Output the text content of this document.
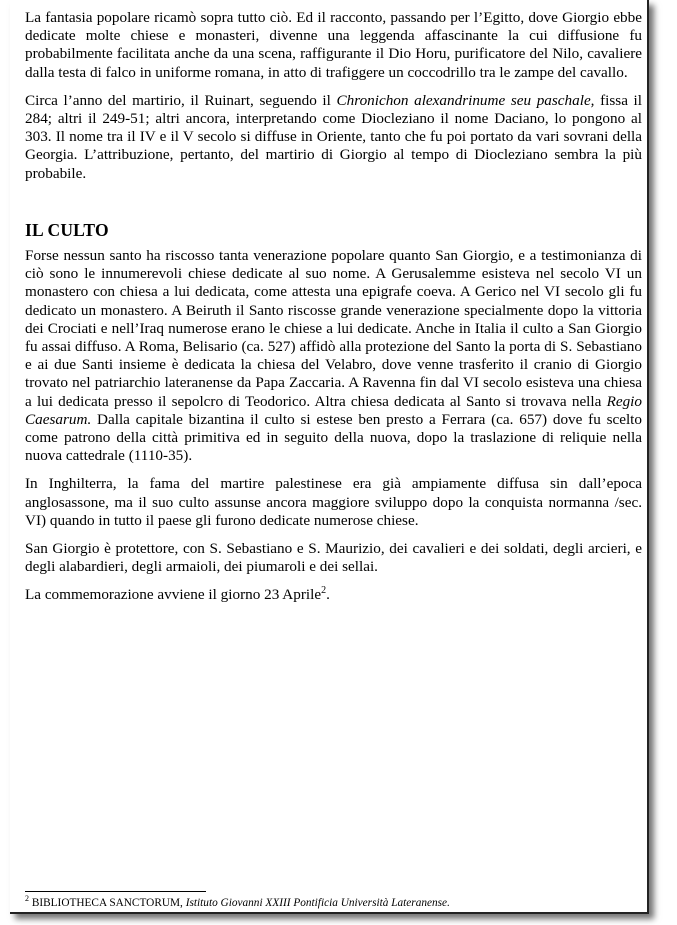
La fantasia popolare ricamò sopra tutto ciò. Ed il racconto, passando per l’Egitto, dove Giorgio ebbe dedicate molte chiese e monasteri, divenne una leggenda affascinante la cui diffusione fu probabilmente facilitata anche da una scena, raffigurante il Dio Horu, purificatore del Nilo, cavaliere dalla testa di falco in uniforme romana, in atto di trafiggere un coccodrillo tra le zampe del cavallo.

Circa l’anno del martirio, il Ruinart, seguendo il Chronichon alexandrinume seu paschale, fissa il 284; altri il 249-51; altri ancora, interpretando come Diocleziano il nome Daciano, lo pongono al 303. Il nome tra il IV e il V secolo si diffuse in Oriente, tanto che fu poi portato da vari sovrani della Georgia. L’attribuzione, pertanto, del martirio di Giorgio al tempo di Diocleziano sembra la più probabile.

IL CULTO

Forse nessun santo ha riscosso tanta venerazione popolare quanto San Giorgio, e a testimonianza di ciò sono le innumerevoli chiese dedicate al suo nome. A Gerusalemme esisteva nel secolo VI un monastero con chiesa a lui dedicata, come attesta una epigrafe coeva. A Gerico nel VI secolo gli fu dedicato un monastero. A Beiruth il Santo riscosse grande venerazione specialmente dopo la vittoria dei Crociati e nell’Iraq numerose erano le chiese a lui dedicate. Anche in Italia il culto a San Giorgio fu assai diffuso. A Roma, Belisario (ca. 527) affidò alla protezione del Santo la porta di S. Sebastiano e ai due Santi insieme è dedicata la chiesa del Velabro, dove venne trasferito il cranio di Giorgio trovato nel patriarchio lateranense da Papa Zaccaria. A Ravenna fin dal VI secolo esisteva una chiesa a lui dedicata presso il sepolcro di Teodorico. Altra chiesa dedicata al Santo si trovava nella Regio Caesarum. Dalla capitale bizantina il culto si estese ben presto a Ferrara (ca. 657) dove fu scelto come patrono della città primitiva ed in seguito della nuova, dopo la traslazione di reliquie nella nuova cattedrale (1110-35).

In Inghilterra, la fama del martire palestinese era già ampiamente diffusa sin dall’epoca anglosassone, ma il suo culto assunse ancora maggiore sviluppo dopo la conquista normanna /sec. VI) quando in tutto il paese gli furono dedicate numerose chiese.

San Giorgio è protettore, con S. Sebastiano e S. Maurizio, dei cavalieri e dei soldati, degli arcieri, e degli alabardieri, degli armaioli, dei piumaroli e dei sellai.

La commemorazione avviene il giorno 23 Aprile$^2$.

$^2$ BIBLIOTHECA SANCTORUM, Istituto Giovanni XXIII Pontificia Università Lateranense.
